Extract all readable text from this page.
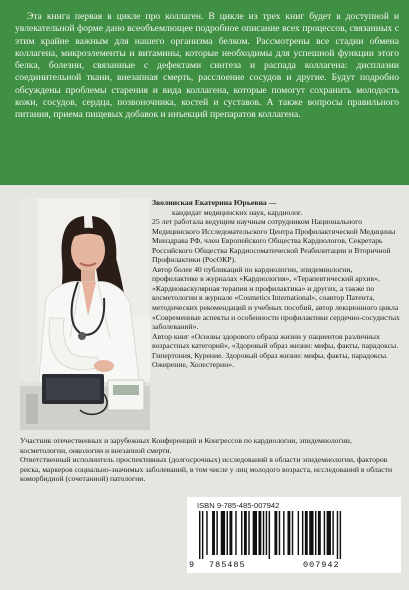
Эта книга первая в цикле про коллаген. В цикле из трех книг будет в доступной и увлекательной форме дано всеобъемлющее подробное описание всех процессов, связанных с этим крайне важным для нашего организма белком. Рассмотрены все стадии обмена коллагена, микроэлементы и витамины, которые необходимы для успешной функции этого белка, болезни, связанные с дефектами синтеза и распада коллагена: дисплазии соединительной ткани, внезапная смерть, расслоение сосудов и другие. Будут подробно обсуждены проблемы старения и вида коллагена, которые помогут сохранить молодость кожи, сосудов, сердца, позвоночника, костей и суставов. А также вопросы правильного питания, приема пищевых добавок и инъекций препаратов коллагена.

Зволинская Екатерина Юрьевна —

кандидат медицинских наук, кардиолог.

25 лет работала ведущим научным сотрудником Национального Медицинского Исследовательского Центра Профилактической Медицины Минздрава РФ, член Европейского Общества Кардиологов, Секретарь Российского Общества Кардиосоматической Реабилитации и Вторичной Профилактики (РосОКР).

Автор более 40 публикаций по кардиологии, эпидемиологии, профилактике в журналах «Кардиология», «Терапевтический архив», «Кардиоваскулярная терапия и профилактика» и других, а также по косметологии в журнале «Cosmetics International», соавтор Патента, методических рекомендаций и учебных пособий, автор лекционного цикла «Современные аспекты и особенности профилактики сердечно-сосудистых заболеваний».

Автор книг «Основы здорового образа жизни у пациентов различных возрастных категорий», «Здоровый образ жизни: мифы, факты, парадоксы. Гипертония, Курение. Здоровый образ жизни: мифы, факты, парадоксы. Ожирение, Холестерин».

Участник отечественных и зарубежных Конференций и Конгрессов по кардиологии, эпидемиологии, косметологии, онкологии и внезапной смерти.

Ответственный исполнитель проспективных (долгосрочных) исследований в области эпидемиологии, факторов риска, маркеров социально-значимых заболеваний, в том числе у лиц молодого возраста, исследований в области коморбидной (сочетанной) патологии.

ISBN 9-785-485-007942
9 785485	007942
